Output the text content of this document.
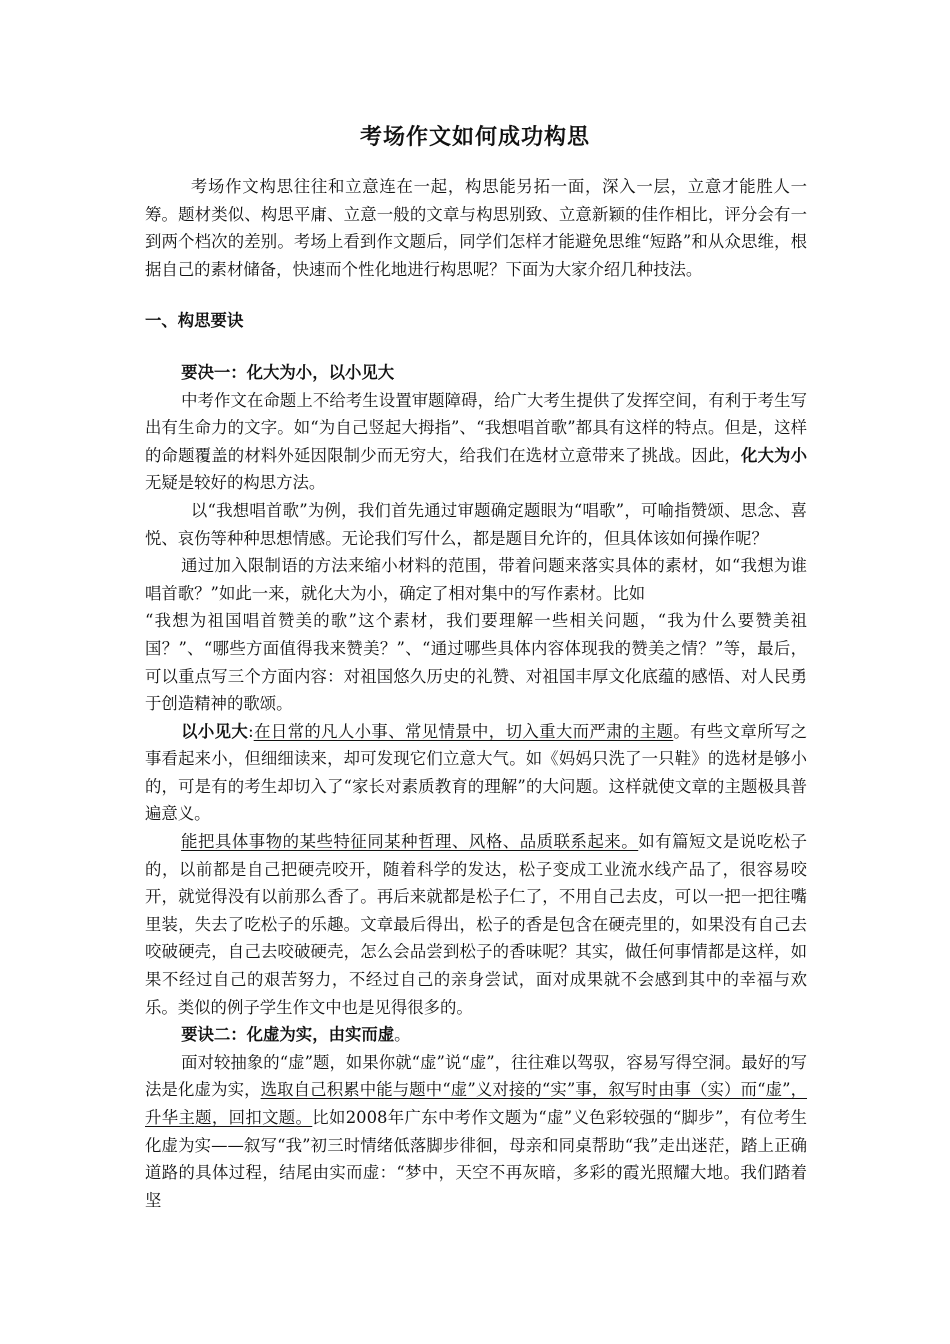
考场作文如何成功构思

考场作文构思往往和立意连在一起，构思能另拓一面，深入一层，立意才能胜人一筹。题材类似、构思平庸、立意一般的文章与构思别致、立意新颖的佳作相比，评分会有一到两个档次的差别。考场上看到作文题后，同学们怎样才能避免思维“短路”和从众思维，根据自己的素材储备，快速而个性化地进行构思呢？下面为大家介绍几种技法。

一、构思要诀

要决一：化大为小，以小见大

中考作文在命题上不给考生设置审题障碍，给广大考生提供了发挥空间，有利于考生写出有生命力的文字。如“为自己竖起大拇指”、“我想唱首歌”都具有这样的特点。但是，这样的命题覆盖的材料外延因限制少而无穷大，给我们在选材立意带来了挑战。因此，化大为小无疑是较好的构思方法。

以“我想唱首歌”为例，我们首先通过审题确定题眼为“唱歌”，可喻指赞颂、思念、喜悦、哀伤等种种思想情感。无论我们写什么，都是题目允许的，但具体该如何操作呢？

通过加入限制语的方法来缩小材料的范围，带着问题来落实具体的素材，如“我想为谁唱首歌？”如此一来，就化大为小，确定了相对集中的写作素材。比如

“我想为祖国唱首赞美的歌”这个素材，我们要理解一些相关问题，“我为什么要赞美祖国？”、“哪些方面值得我来赞美？”、“通过哪些具体内容体现我的赞美之情？”等，最后，可以重点写三个方面内容：对祖国悠久历史的礼赞、对祖国丰厚文化底蕴的感悟、对人民勇于创造精神的歌颂。

以小见大:在日常的凡人小事、常见情景中，切入重大而严肃的主题。有些文章所写之事看起来小，但细细读来，却可发现它们立意大气。如《妈妈只洗了一只鞋》的选材是够小的，可是有的考生却切入了“家长对素质教育的理解”的大问题。这样就使文章的主题极具普遍意义。

能把具体事物的某些特征同某种哲理、风格、品质联系起来。如有篇短文是说吃松子的，以前都是自己把硬壳咬开，随着科学的发达，松子变成工业流水线产品了，很容易咬开，就觉得没有以前那么香了。再后来就都是松子仁了，不用自己去皮，可以一把一把往嘴里装，失去了吃松子的乐趣。文章最后得出，松子的香是包含在硬壳里的，如果没有自己去咬破硬壳，自己去咬破硬壳，怎么会品尝到松子的香味呢？其实，做任何事情都是这样，如果不经过自己的艰苦努力，不经过自己的亲身尝试，面对成果就不会感到其中的幸福与欢乐。类似的例子学生作文中也是见得很多的。

要诀二：化虚为实，由实而虚。

面对较抽象的“虚”题，如果你就“虚”说“虚”，往往难以驾驭，容易写得空洞。最好的写法是化虚为实，选取自己积累中能与题中“虚”义对接的“实”事，叙写时由事（实）而“虚”，升华主题，回扣文题。比如2008年广东中考作文题为“虚”义色彩较强的“脚步”，有位考生化虚为实——叙写“我”初三时情绪低落脚步徘徊，母亲和同桌帮助“我”走出迷茫，踏上正确道路的具体过程，结尾由实而虚：“梦中，天空不再灰暗，多彩的霞光照耀大地。我们踏着坚
